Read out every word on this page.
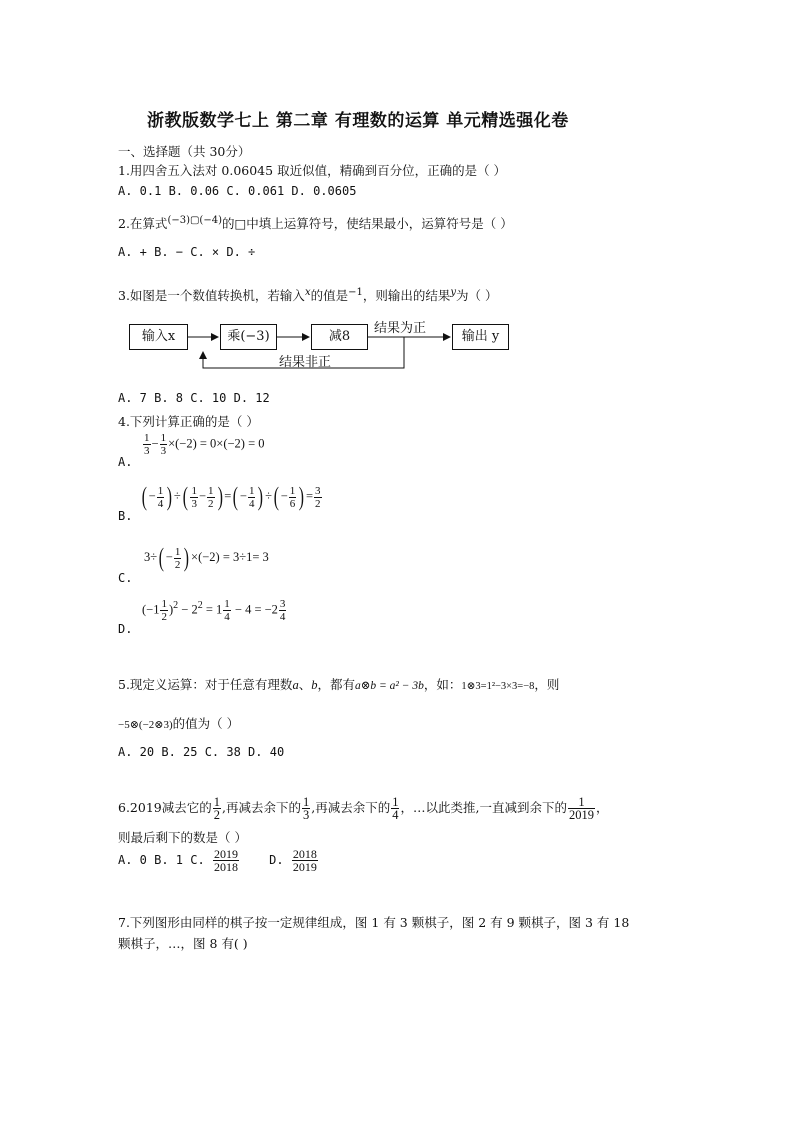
浙教版数学七上 第二章 有理数的运算 单元精选强化卷
一、选择题（共 30分）
1.用四舍五入法对 0.06045 取近似值，精确到百分位，正确的是（ ）
A. 0.1 B. 0.06 C. 0.061 D. 0.0605
2.在算式$^{(-3)▢(-4)}$的□中填上运算符号，使结果最小，运算符号是（ ）
A. + B. − C. × D. ÷
3.如图是一个数值转换机，若输入$^x$的值是$^{-1}$，则输出的结果$^y$为（ ）
输入x	乘(−3)	减8	输出 y
结果为正
结果非正
A. 7 B. 8 C. 10 D. 12
4.下列计算正确的是（ ）
A.
$\frac{1}{3} - \frac{1}{3} \times(-2) = 0\times(-2) = 0$
B.
( − $\frac{1}{4}$ ) ÷( $\frac{1}{3} - \frac{1}{2}$ ) =( − $\frac{1}{4}$ ) ÷( − $\frac{1}{6}$ ) = $\frac{3}{2}$
C.
$3\div( - \frac{1}{2}$ ) ×(−2) = 3÷1= 3
D.
$(-1 \frac{1}{2} )^2 - 2^2 = 1 \frac{1}{4} - 4 = -2 \frac{3}{4}$
5.现定义运算：对于任意有理数a、b，都有a⊗b = a² − 3b，如：1⊗3=1²−3×3=−8，则
−5⊗(−2⊗3)的值为（ ）
A. 20 B. 25 C. 38 D. 40
6.2019减去它的 $\frac{1}{2}$ ,再减去余下的 $\frac{1}{3}$ ,再减去余下的 $\frac{1}{4}$ ，…以此类推,一直减到余下的 $\frac{1}{2019}$ ，
则最后剩下的数是（ ）
A. 0 B. 1 C. $\frac{2019}{2018}$	D. $\frac{2018}{2019}$
7.下列图形由同样的棋子按一定规律组成，图 1 有 3 颗棋子，图 2 有 9 颗棋子，图 3 有 18
颗棋子，…，图 8 有( )
